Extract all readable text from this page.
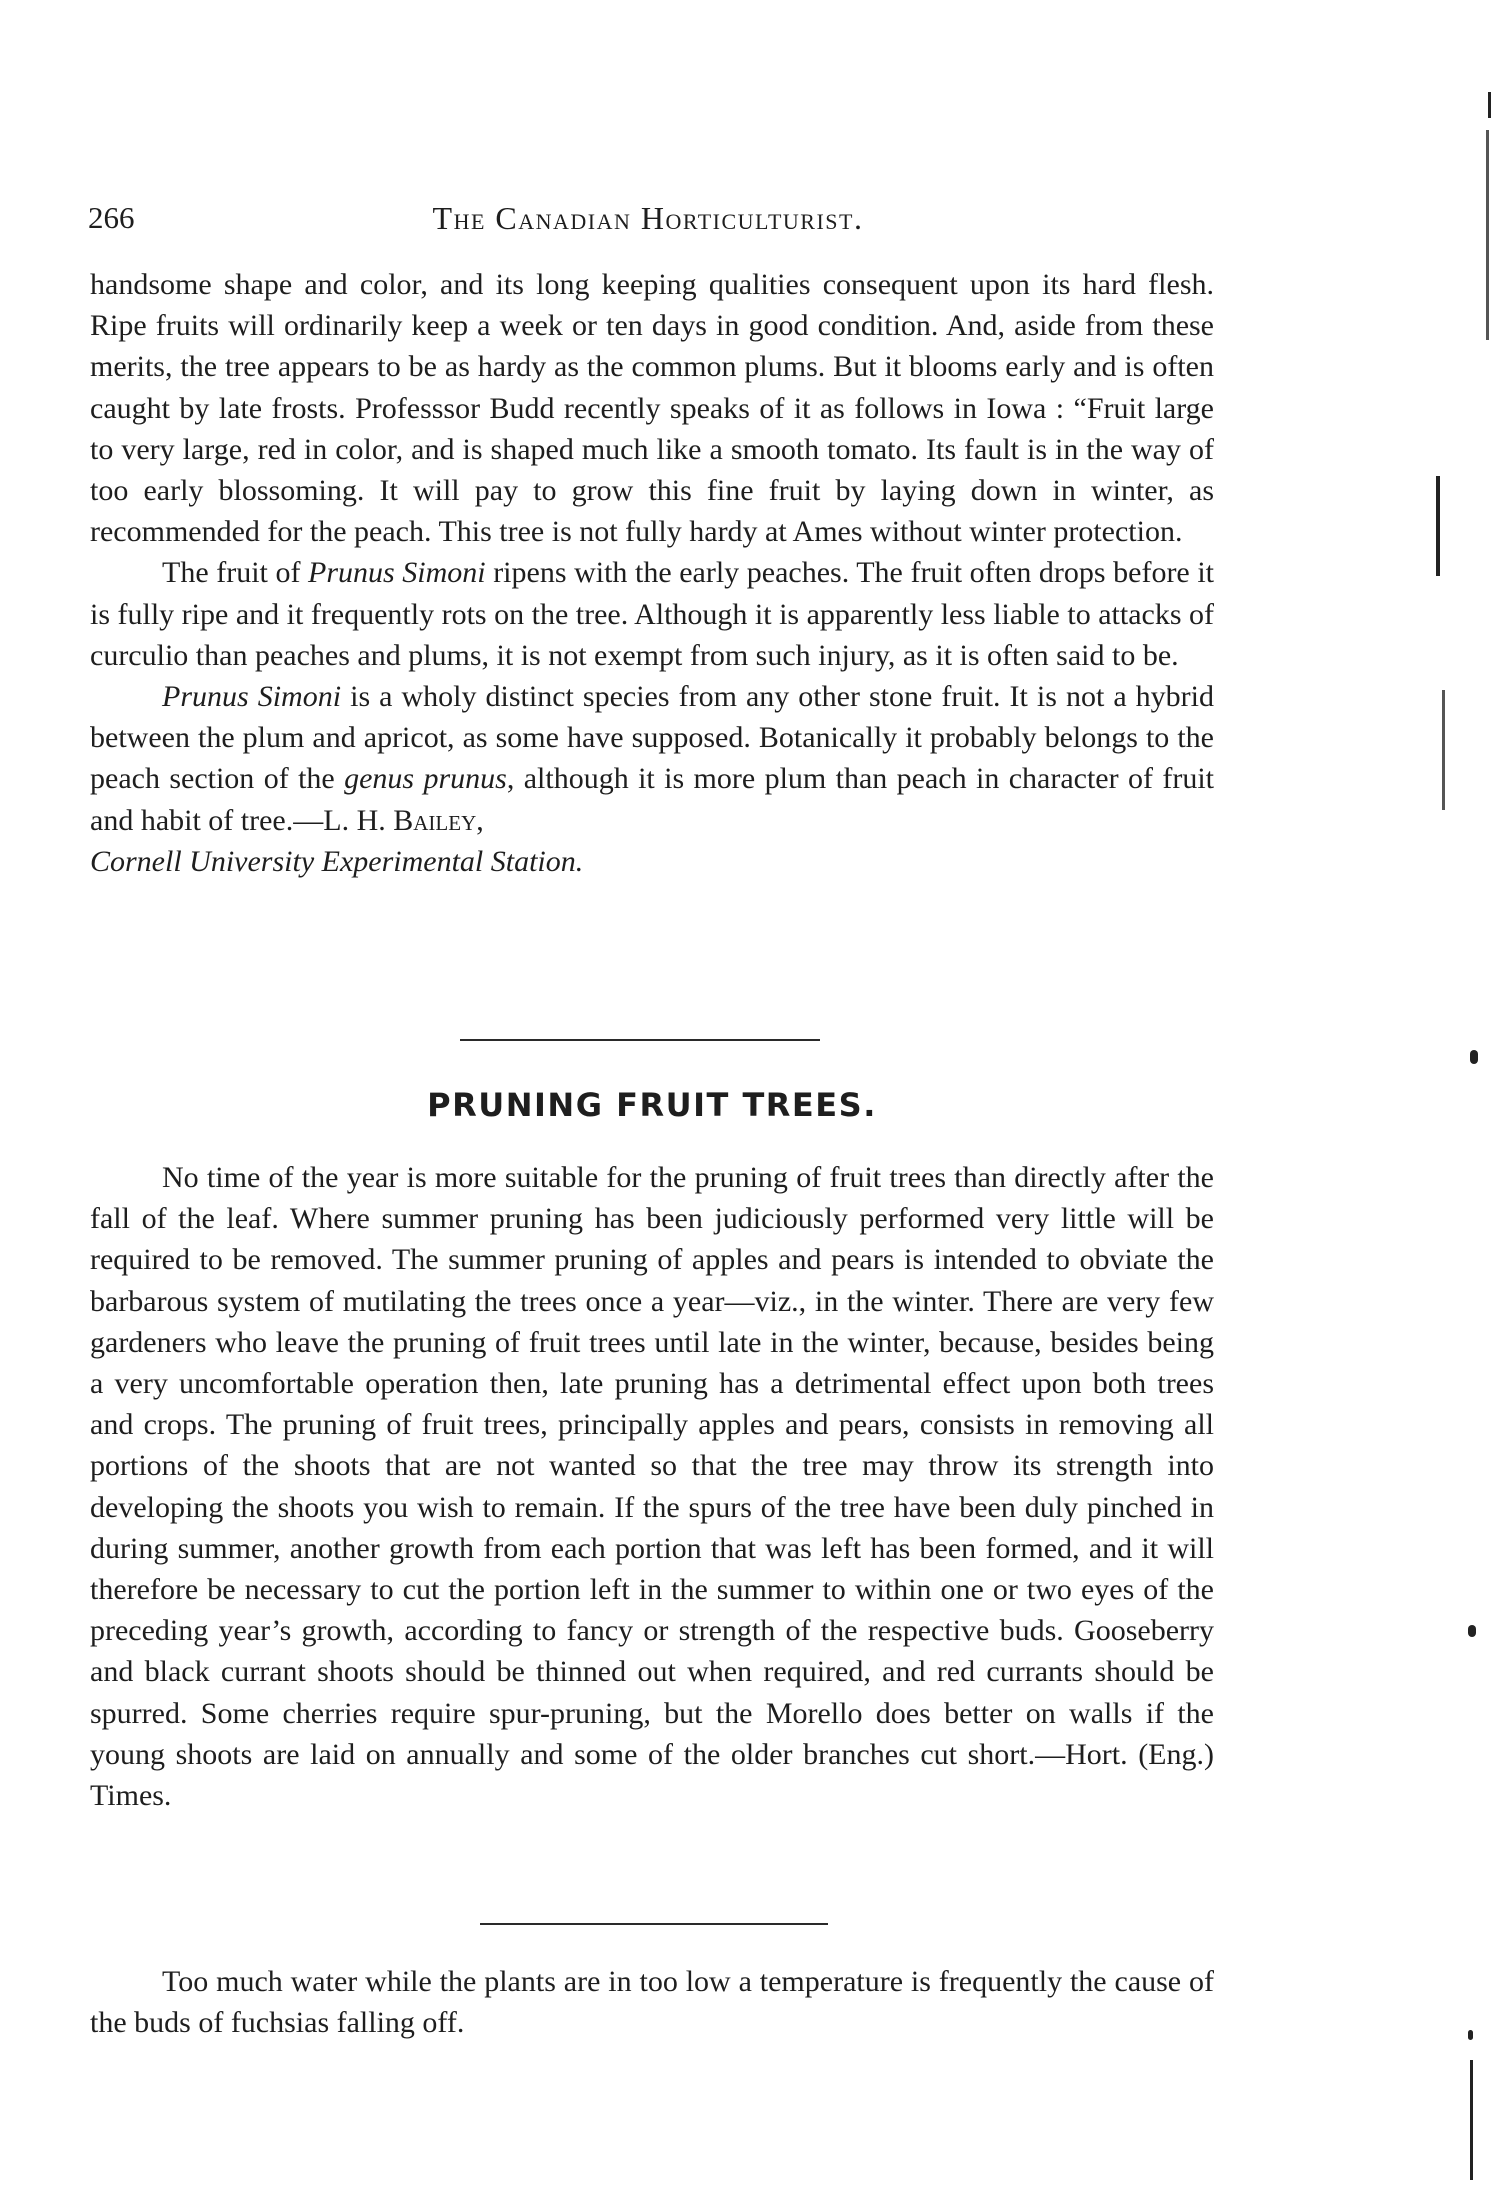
266	The Canadian Horticulturist.

handsome shape and color, and its long keeping qualities consequent upon its hard flesh. Ripe fruits will ordinarily keep a week or ten days in good condition. And, aside from these merits, the tree appears to be as hardy as the common plums. But it blooms early and is often caught by late frosts. Professsor Budd recently speaks of it as follows in Iowa : “Fruit large to very large, red in color, and is shaped much like a smooth tomato. Its fault is in the way of too early blossoming. It will pay to grow this fine fruit by laying down in winter, as recommended for the peach. This tree is not fully hardy at Ames without winter protection.

The fruit of Prunus Simoni ripens with the early peaches. The fruit often drops before it is fully ripe and it frequently rots on the tree. Although it is apparently less liable to attacks of curculio than peaches and plums, it is not exempt from such injury, as it is often said to be.

Prunus Simoni is a wholy distinct species from any other stone fruit. It is not a hybrid between the plum and apricot, as some have supposed. Botanically it probably belongs to the peach section of the genus prunus, although it is more plum than peach in character of fruit and habit of tree.—L. H. Bailey,
Cornell University Experimental Station.

PRUNING FRUIT TREES.

No time of the year is more suitable for the pruning of fruit trees than directly after the fall of the leaf. Where summer pruning has been judiciously performed very little will be required to be removed. The summer pruning of apples and pears is intended to obviate the barbarous system of mutilating the trees once a year—viz., in the winter. There are very few gardeners who leave the pruning of fruit trees until late in the winter, because, besides being a very uncomfortable operation then, late pruning has a detrimental effect upon both trees and crops. The pruning of fruit trees, principally apples and pears, consists in removing all portions of the shoots that are not wanted so that the tree may throw its strength into developing the shoots you wish to remain. If the spurs of the tree have been duly pinched in during summer, another growth from each portion that was left has been formed, and it will therefore be necessary to cut the portion left in the summer to within one or two eyes of the preceding year’s growth, according to fancy or strength of the respective buds. Gooseberry and black currant shoots should be thinned out when required, and red currants should be spurred. Some cherries require spur-pruning, but the Morello does better on walls if the young shoots are laid on annually and some of the older branches cut short.—Hort. (Eng.) Times.

Too much water while the plants are in too low a temperature is frequently the cause of the buds of fuchsias falling off.
